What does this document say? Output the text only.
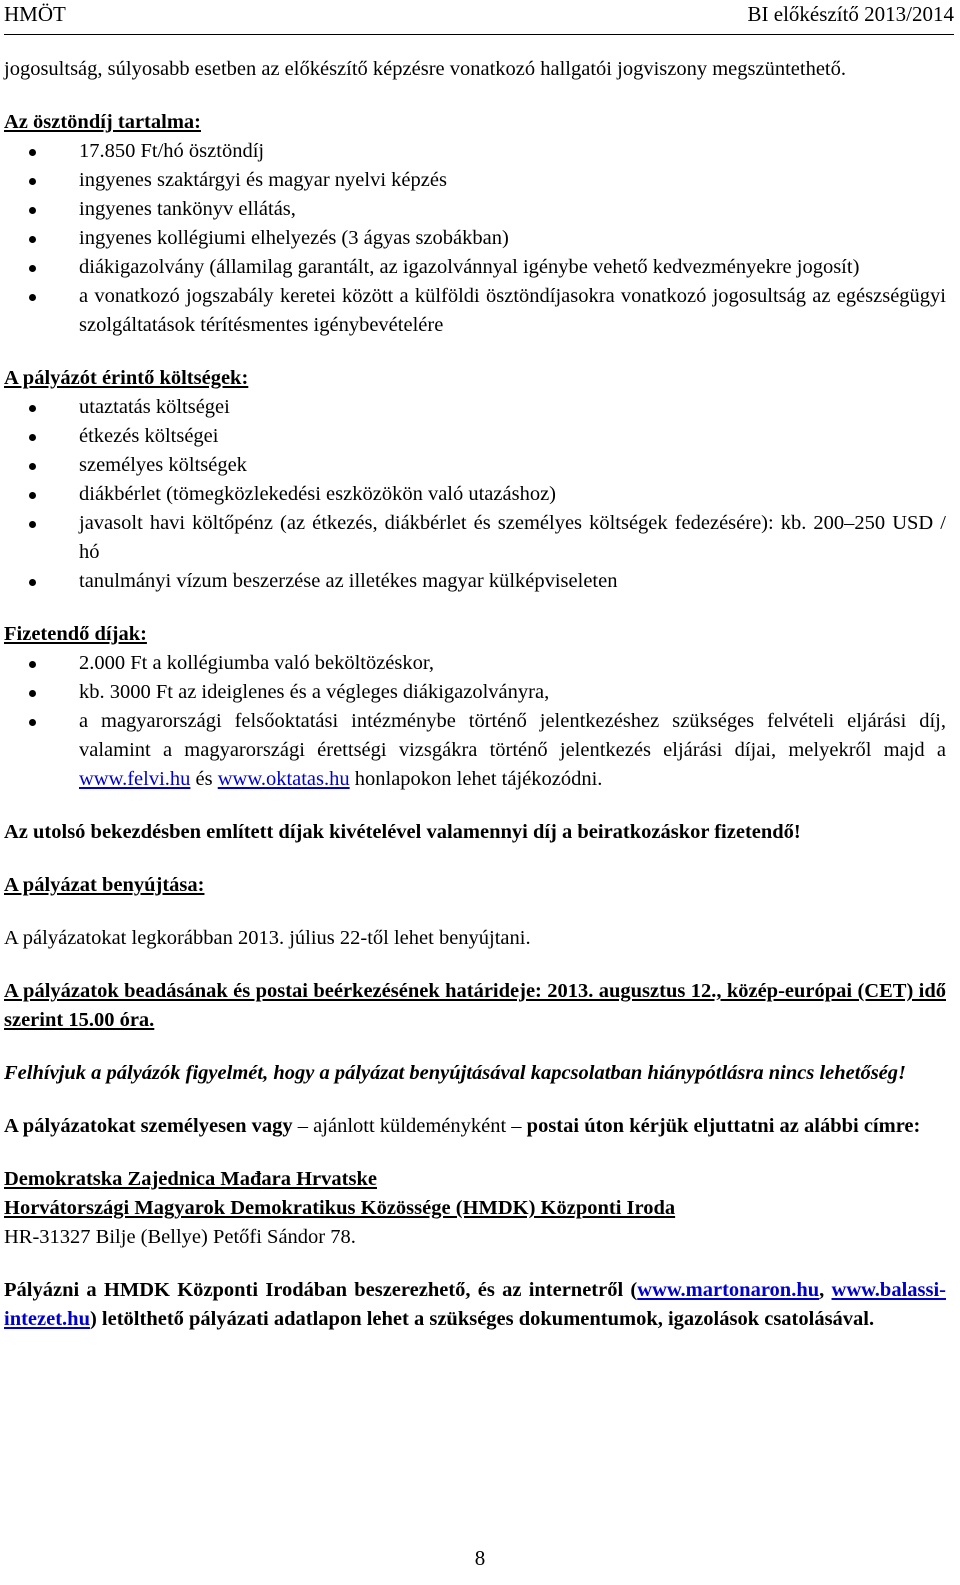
HMÖT	BI előkészítő 2013/2014

jogosultság, súlyosabb esetben az előkészítő képzésre vonatkozó hallgatói jogviszony megszüntethető.

Az ösztöndíj tartalma:

17.850 Ft/hó ösztöndíj
ingyenes szaktárgyi és magyar nyelvi képzés
ingyenes tankönyv ellátás,
ingyenes kollégiumi elhelyezés (3 ágyas szobákban)
diákigazolvány (államilag garantált, az igazolvánnyal igénybe vehető kedvezményekre jogosít)
a vonatkozó jogszabály keretei között a külföldi ösztöndíjasokra vonatkozó jogosultság az egészségügyi szolgáltatások térítésmentes igénybevételére

A pályázót érintő költségek:

utaztatás költségei
étkezés költségei
személyes költségek
diákbérlet (tömegközlekedési eszközökön való utazáshoz)
javasolt havi költőpénz (az étkezés, diákbérlet és személyes költségek fedezésére): kb. 200–250 USD / hó
tanulmányi vízum beszerzése az illetékes magyar külképviseleten

Fizetendő díjak:

2.000 Ft a kollégiumba való beköltözéskor,
kb. 3000 Ft az ideiglenes és a végleges diákigazolványra,
a magyarországi felsőoktatási intézménybe történő jelentkezéshez szükséges felvételi eljárási díj, valamint a magyarországi érettségi vizsgákra történő jelentkezés eljárási díjai, melyekről majd a www.felvi.hu és www.oktatas.hu honlapokon lehet tájékozódni.

Az utolsó bekezdésben említett díjak kivételével valamennyi díj a beiratkozáskor fizetendő!

A pályázat benyújtása:

A pályázatokat legkorábban 2013. július 22-től lehet benyújtani.

A pályázatok beadásának és postai beérkezésének határideje: 2013. augusztus 12., közép-európai (CET) idő szerint 15.00 óra.

Felhívjuk a pályázók figyelmét, hogy a pályázat benyújtásával kapcsolatban hiánypótlásra nincs lehetőség!

A pályázatokat személyesen vagy – ajánlott küldeményként – postai úton kérjük eljuttatni az alábbi címre:

Demokratska Zajednica Mađara Hrvatske

Horvátországi Magyarok Demokratikus Közössége (HMDK) Központi Iroda

HR-31327 Bilje (Bellye) Petőfi Sándor 78.

Pályázni a HMDK Központi Irodában beszerezhető, és az internetről (www.martonaron.hu, www.balassi-intezet.hu) letölthető pályázati adatlapon lehet a szükséges dokumentumok, igazolások csatolásával.

8
